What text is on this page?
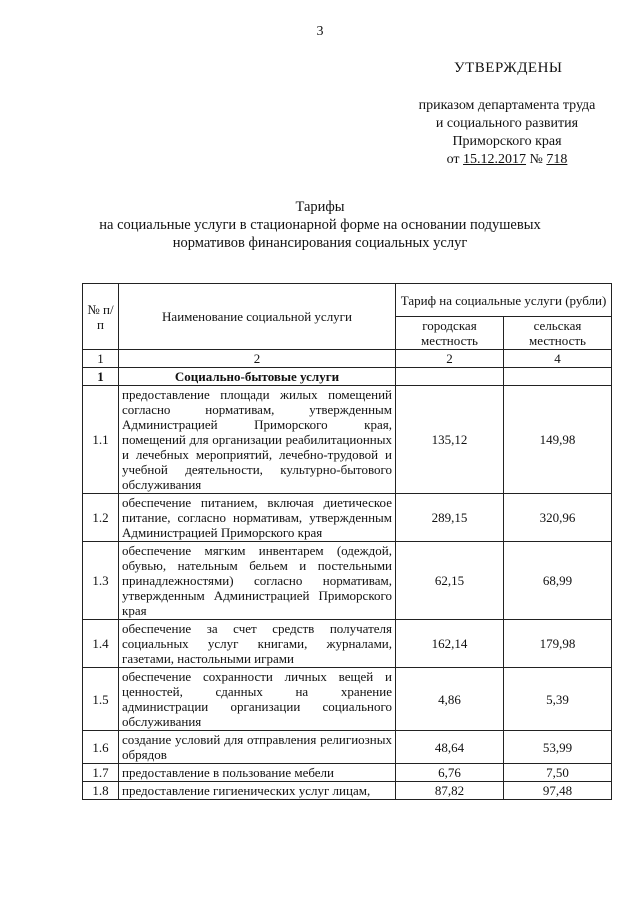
3
УТВЕРЖДЕНЫ
приказом департамента труда
и социального развития
Приморского края
от 15.12.2017 № 718
Тарифы
на социальные услуги в стационарной форме на основании подушевых
нормативов финансирования социальных услуг
№ п/п	Наименование социальной услуги	Тариф на социальные услуги (рубли)	
		городская местность	сельская местность
1	2	2	4
1	Социально-бытовые услуги		
1.1	предоставление площади жилых помещений согласно нормативам, утвержденным Администрацией Приморского края, помещений для организации реабилитационных и лечебных мероприятий, лечебно-трудовой и учебной деятельности, культурно-бытового обслуживания	135,12	149,98
1.2	обеспечение питанием, включая диетическое питание, согласно нормативам, утвержденным Администрацией Приморского края	289,15	320,96
1.3	обеспечение мягким инвентарем (одеждой, обувью, нательным бельем и постельными принадлежностями) согласно нормативам, утвержденным Администрацией Приморского края	62,15	68,99
1.4	обеспечение за счет средств получателя социальных услуг книгами, журналами, газетами, настольными играми	162,14	179,98
1.5	обеспечение сохранности личных вещей и ценностей, сданных на хранение администрации организации социального обслуживания	4,86	5,39
1.6	создание условий для отправления религиозных обрядов	48,64	53,99
1.7	предоставление в пользование мебели	6,76	7,50
1.8	предоставление гигиенических услуг лицам,	87,82	97,48
